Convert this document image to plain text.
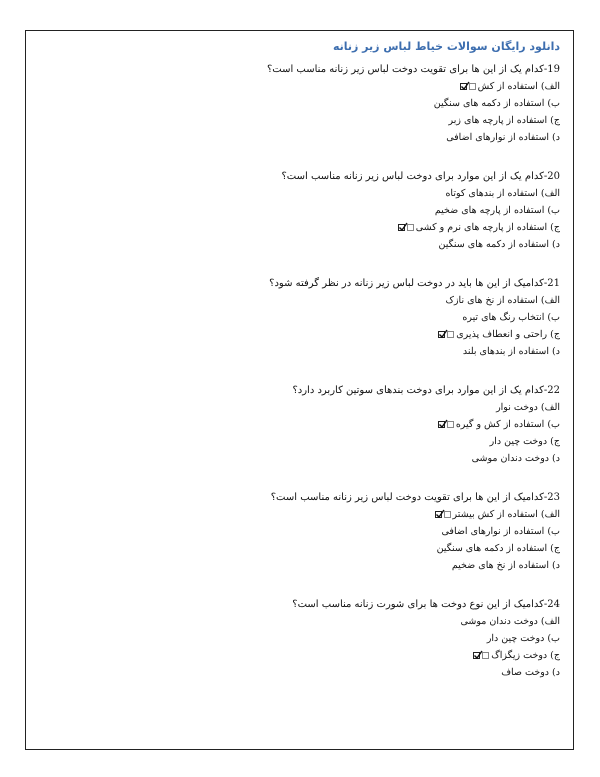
دانلود رایگان سوالات خیاط لباس زیر زنانه
19-کدام یک از این ها برای تقویت دوخت لباس زیر زنانه مناسب است؟
الف) استفاده از کش
ب) استفاده از دکمه های سنگین
ج) استفاده از پارچه های زبر
د) استفاده از نوارهای اضافی
20-کدام یک از این موارد برای دوخت لباس زیر زنانه مناسب است؟
الف) استفاده از بندهای کوتاه
ب) استفاده از پارچه های ضخیم
ج) استفاده از پارچه های نرم و کشی
د) استفاده از دکمه های سنگین
21-کدامیک از این ها باید در دوخت لباس زیر زنانه در نظر گرفته شود؟
الف) استفاده از نخ های نازک
ب) انتخاب رنگ های تیره
ج) راحتی و انعطاف پذیری
د) استفاده از بندهای بلند
22-کدام یک از این موارد برای دوخت بندهای سوتین کاربرد دارد؟
الف) دوخت نوار
ب) استفاده از کش و گیره
ج) دوخت چین دار
د) دوخت دندان موشی
23-کدامیک از این ها برای تقویت دوخت لباس زیر زنانه مناسب است؟
الف) استفاده از کش بیشتر
ب) استفاده از نوارهای اضافی
ج) استفاده از دکمه های سنگین
د) استفاده از نخ های ضخیم
24-کدامیک از این نوع دوخت ها برای شورت زنانه مناسب است؟
الف) دوخت دندان موشی
ب) دوخت چین دار
ج) دوخت زیگزاگ
د) دوخت صاف
